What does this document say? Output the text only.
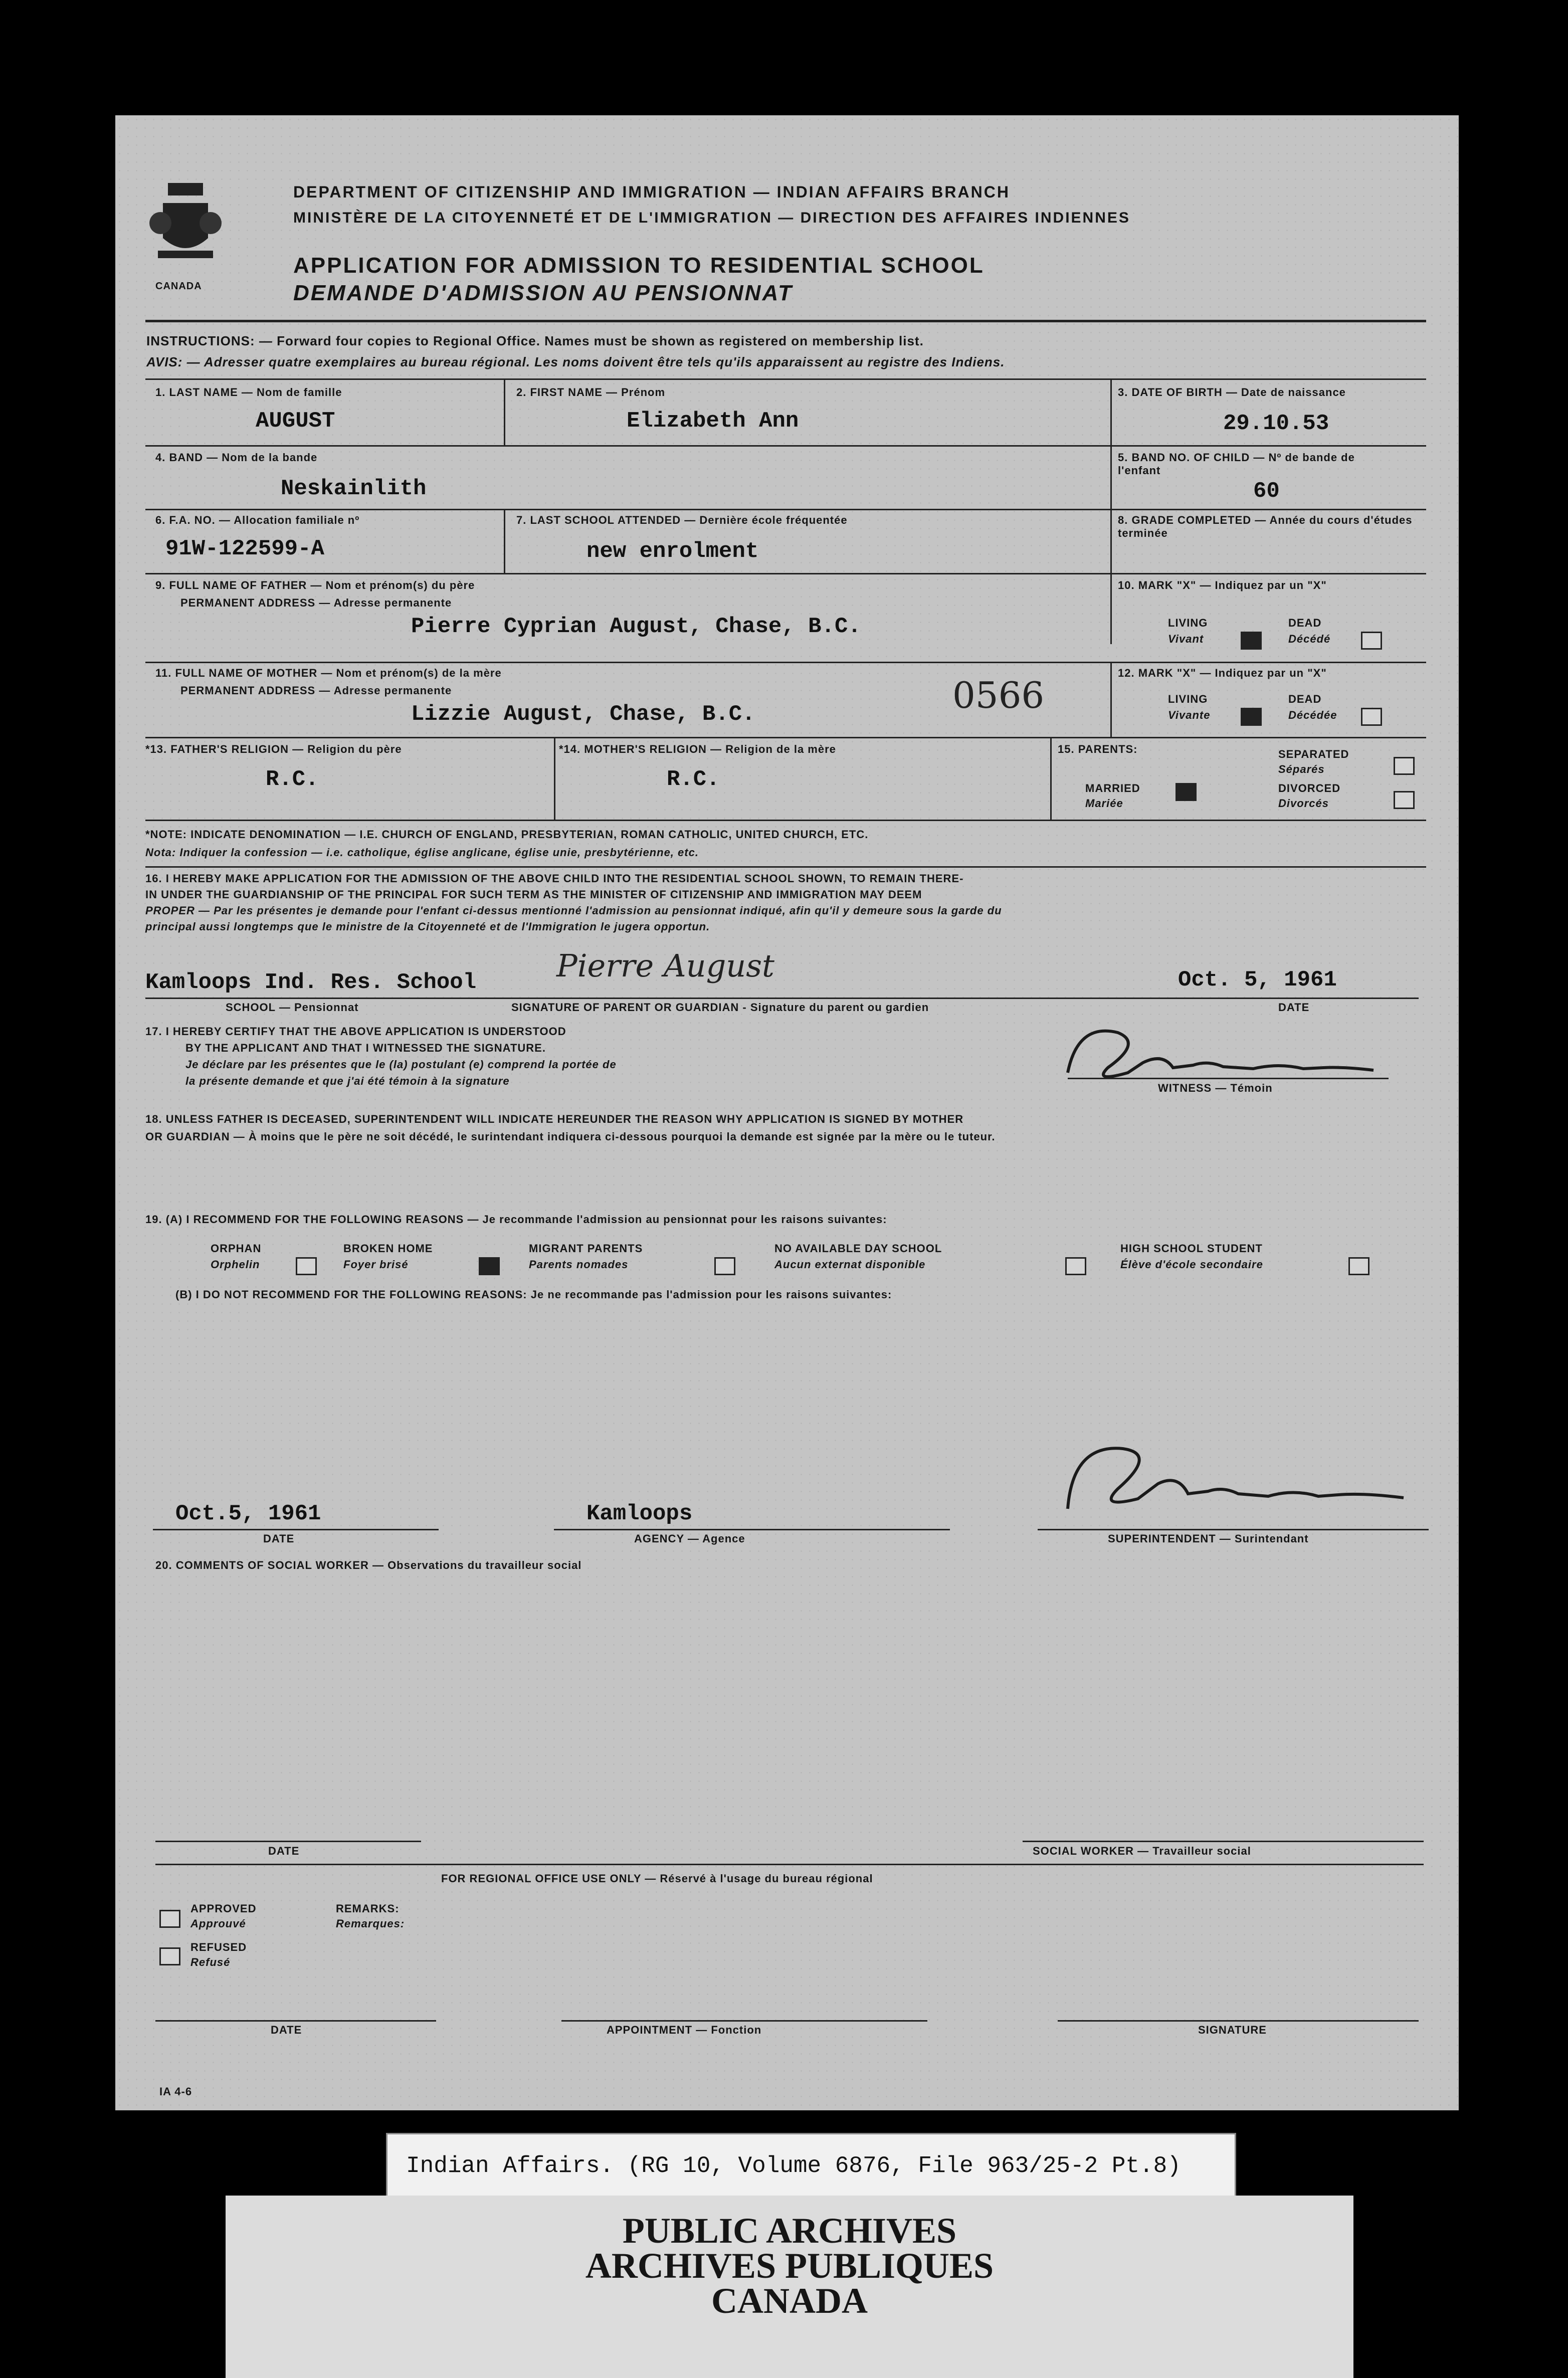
CANADA
DEPARTMENT OF CITIZENSHIP AND IMMIGRATION — INDIAN AFFAIRS BRANCH
MINISTÈRE DE LA CITOYENNETÉ ET DE L'IMMIGRATION — DIRECTION DES AFFAIRES INDIENNES
APPLICATION FOR ADMISSION TO RESIDENTIAL SCHOOL
DEMANDE D'ADMISSION AU PENSIONNAT
INSTRUCTIONS: — Forward four copies to Regional Office. Names must be shown as registered on membership list.
AVIS: — Adresser quatre exemplaires au bureau régional. Les noms doivent être tels qu'ils apparaissent au registre des Indiens.
1. LAST NAME — Nom de famille
AUGUST
2. FIRST NAME — Prénom
Elizabeth Ann
3. DATE OF BIRTH — Date de naissance
29.10.53
4. BAND — Nom de la bande
Neskainlith
5. BAND NO. OF CHILD — Nº de bande de l'enfant
60
6. F.A. NO. — Allocation familiale nº
91W-122599-A
7. LAST SCHOOL ATTENDED — Dernière école fréquentée
new enrolment
8. GRADE COMPLETED — Année du cours d'études terminée
9. FULL NAME OF FATHER — Nom et prénom(s) du père
PERMANENT ADDRESS — Adresse permanente
Pierre Cyprian August, Chase, B.C.
10. MARK "X" — Indiquez par un "X"
LIVING
Vivant
DEAD
Décédé
11. FULL NAME OF MOTHER — Nom et prénom(s) de la mère
PERMANENT ADDRESS — Adresse permanente
Lizzie August, Chase, B.C.	0566
12. MARK "X" — Indiquez par un "X"
LIVING
Vivante
DEAD
Décédée
*13. FATHER'S RELIGION — Religion du père
R.C.
*14. MOTHER'S RELIGION — Religion de la mère
R.C.
15. PARENTS:
MARRIED
Mariée
SEPARATED
Séparés
DIVORCED
Divorcés
*NOTE: INDICATE DENOMINATION — I.E. CHURCH OF ENGLAND, PRESBYTERIAN, ROMAN CATHOLIC, UNITED CHURCH, ETC.
Nota: Indiquer la confession — i.e. catholique, église anglicane, église unie, presbytérienne, etc.
16. I HEREBY MAKE APPLICATION FOR THE ADMISSION OF THE ABOVE CHILD INTO THE RESIDENTIAL SCHOOL SHOWN, TO REMAIN THERE-
IN UNDER THE GUARDIANSHIP OF THE PRINCIPAL FOR SUCH TERM AS THE MINISTER OF CITIZENSHIP AND IMMIGRATION MAY DEEM
PROPER — Par les présentes je demande pour l'enfant ci-dessus mentionné l'admission au pensionnat indiqué, afin qu'il y demeure sous la garde du
principal aussi longtemps que le ministre de la Citoyenneté et de l'Immigration le jugera opportun.
Kamloops Ind. Res. School	Pierre August	Oct. 5, 1961
SCHOOL — Pensionnat	SIGNATURE OF PARENT OR GUARDIAN - Signature du parent ou gardien	DATE
17. I HEREBY CERTIFY THAT THE ABOVE APPLICATION IS UNDERSTOOD
BY THE APPLICANT AND THAT I WITNESSED THE SIGNATURE.
Je déclare par les présentes que le (la) postulant (e) comprend la portée de
la présente demande et que j'ai été témoin à la signature
WITNESS — Témoin
18. UNLESS FATHER IS DECEASED, SUPERINTENDENT WILL INDICATE HEREUNDER THE REASON WHY APPLICATION IS SIGNED BY MOTHER
OR GUARDIAN — À moins que le père ne soit décédé, le surintendant indiquera ci-dessous pourquoi la demande est signée par la mère ou le tuteur.
19. (A) I RECOMMEND FOR THE FOLLOWING REASONS — Je recommande l'admission au pensionnat pour les raisons suivantes:
ORPHAN
Orphelin
BROKEN HOME
Foyer brisé
MIGRANT PARENTS
Parents nomades
NO AVAILABLE DAY SCHOOL
Aucun externat disponible
HIGH SCHOOL STUDENT
Élève d'école secondaire
(B) I DO NOT RECOMMEND FOR THE FOLLOWING REASONS: Je ne recommande pas l'admission pour les raisons suivantes:
Oct.5, 1961	Kamloops
DATE	AGENCY — Agence	SUPERINTENDENT — Surintendant
20. COMMENTS OF SOCIAL WORKER — Observations du travailleur social
DATE	SOCIAL WORKER — Travailleur social
FOR REGIONAL OFFICE USE ONLY — Réservé à l'usage du bureau régional
APPROVED
Approuvé
REFUSED
Refusé
REMARKS:
Remarques:
DATE	APPOINTMENT — Fonction	SIGNATURE
IA 4-6
Indian Affairs. (RG 10, Volume 6876, File 963/25-2 Pt.8)
PUBLIC ARCHIVES
ARCHIVES PUBLIQUES
CANADA
